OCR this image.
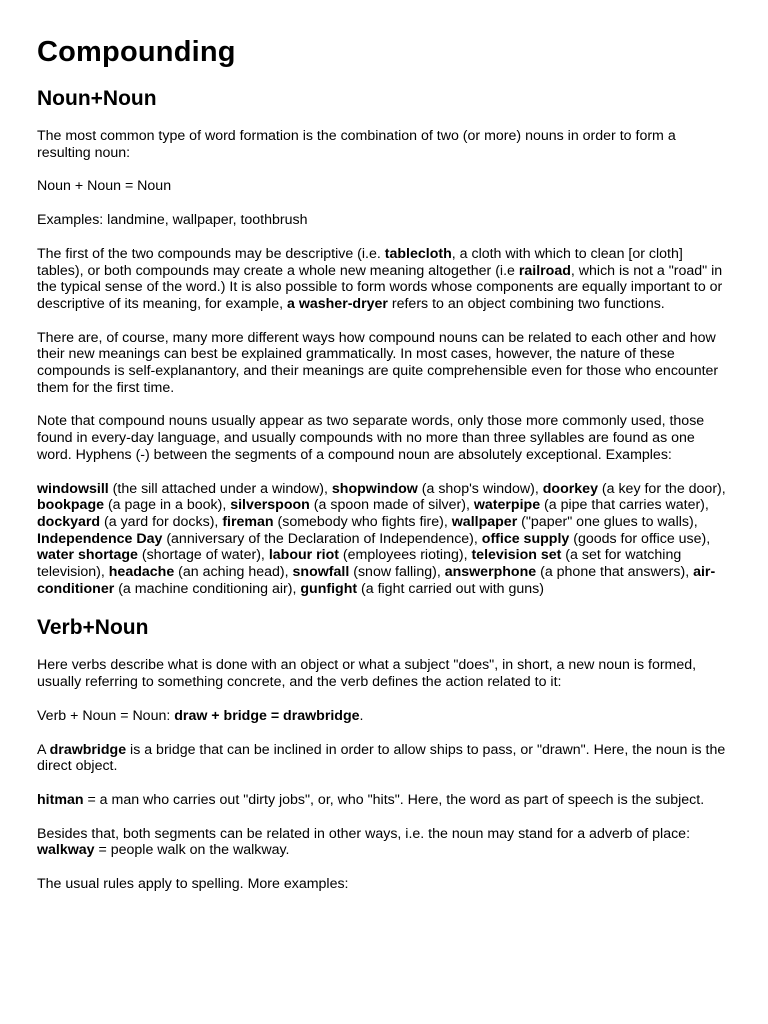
Compounding
Noun+Noun

The most common type of word formation is the combination of two (or more) nouns in order to form a resulting noun:

Noun + Noun = Noun

Examples: landmine, wallpaper, toothbrush

The first of the two compounds may be descriptive (i.e. tablecloth, a cloth with which to clean [or cloth] tables), or both compounds may create a whole new meaning altogether (i.e railroad, which is not a "road" in the typical sense of the word.) It is also possible to form words whose components are equally important to or descriptive of its meaning, for example, a washer-dryer refers to an object combining two functions.

There are, of course, many more different ways how compound nouns can be related to each other and how their new meanings can best be explained grammatically. In most cases, however, the nature of these compounds is self-explanantory, and their meanings are quite comprehensible even for those who encounter them for the first time.

Note that compound nouns usually appear as two separate words, only those more commonly used, those found in every-day language, and usually compounds with no more than three syllables are found as one word. Hyphens (-) between the segments of a compound noun are absolutely exceptional. Examples:

windowsill (the sill attached under a window), shopwindow (a shop's window), doorkey (a key for the door), bookpage (a page in a book), silverspoon (a spoon made of silver), waterpipe (a pipe that carries water), dockyard (a yard for docks), fireman (somebody who fights fire), wallpaper ("paper" one glues to walls), Independence Day (anniversary of the Declaration of Independence), office supply (goods for office use), water shortage (shortage of water), labour riot (employees rioting), television set (a set for watching television), headache (an aching head), snowfall (snow falling), answerphone (a phone that answers), air-conditioner (a machine conditioning air), gunfight (a fight carried out with guns)

Verb+Noun

Here verbs describe what is done with an object or what a subject "does", in short, a new noun is formed, usually referring to something concrete, and the verb defines the action related to it:

Verb + Noun = Noun: draw + bridge = drawbridge.

A drawbridge is a bridge that can be inclined in order to allow ships to pass, or "drawn". Here, the noun is the direct object.

hitman = a man who carries out "dirty jobs", or, who "hits". Here, the word as part of speech is the subject.

Besides that, both segments can be related in other ways, i.e. the noun may stand for a adverb of place: walkway = people walk on the walkway.

The usual rules apply to spelling. More examples:
